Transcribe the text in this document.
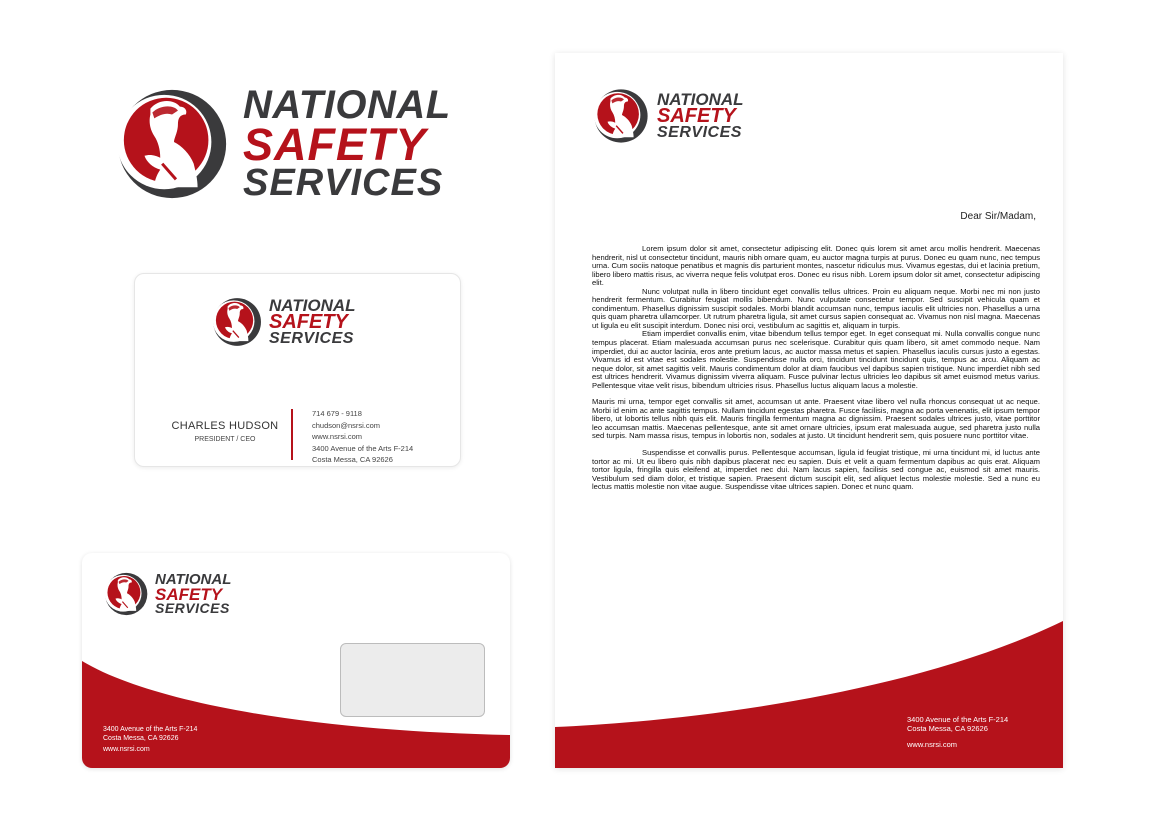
NATIONAL
SAFETY
SERVICES
NATIONAL
SAFETY
SERVICES
CHARLES HUDSON
PRESIDENT / CEO
714 679 - 9118
chudson@nsrsi.com
www.nsrsi.com
3400 Avenue of the Arts F-214
Costa Messa, CA 92626
NATIONAL
SAFETY
SERVICES
3400 Avenue of the Arts F-214
Costa Messa, CA 92626
www.nsrsi.com
NATIONAL
SAFETY
SERVICES
Dear Sir/Madam,

Lorem ipsum dolor sit amet, consectetur adipiscing elit. Donec quis lorem sit amet arcu mollis hendrerit. Maecenas hendrerit, nisl ut consectetur tincidunt, mauris nibh ornare quam, eu auctor magna turpis at purus. Donec eu quam nunc, nec tempus urna. Cum sociis natoque penatibus et magnis dis parturient montes, nascetur ridiculus mus. Vivamus egestas, dui et lacinia pretium, libero libero mattis risus, ac viverra neque felis volutpat eros. Donec eu risus nibh. Lorem ipsum dolor sit amet, consectetur adipiscing elit.

Nunc volutpat nulla in libero tincidunt eget convallis tellus ultrices. Proin eu aliquam neque. Morbi nec mi non justo hendrerit fermentum. Curabitur feugiat mollis bibendum. Nunc vulputate consectetur tempor. Sed suscipit vehicula quam et condimentum. Phasellus dignissim suscipit sodales. Morbi blandit accumsan nunc, tempus iaculis elit ultricies non. Phasellus a urna quis quam pharetra ullamcorper. Ut rutrum pharetra ligula, sit amet cursus sapien consequat ac. Vivamus non nisl magna. Maecenas ut ligula eu elit suscipit interdum. Donec nisi orci, vestibulum ac sagittis et, aliquam in turpis.

Etiam imperdiet convallis enim, vitae bibendum tellus tempor eget. In eget consequat mi. Nulla convallis congue nunc tempus placerat. Etiam malesuada accumsan purus nec scelerisque. Curabitur quis quam libero, sit amet commodo neque. Nam imperdiet, dui ac auctor lacinia, eros ante pretium lacus, ac auctor massa metus et sapien. Phasellus iaculis cursus justo a egestas. Vivamus id est vitae est sodales molestie. Suspendisse nulla orci, tincidunt tincidunt tincidunt quis, tempus ac arcu. Aliquam ac neque dolor, sit amet sagittis velit. Mauris condimentum dolor at diam faucibus vel dapibus sapien tristique. Nunc imperdiet nibh sed est ultrices hendrerit. Vivamus dignissim viverra aliquam. Fusce pulvinar lectus ultricies leo dapibus sit amet euismod metus varius. Pellentesque vitae velit risus, bibendum ultricies risus. Phasellus luctus aliquam lacus a molestie.

Mauris mi urna, tempor eget convallis sit amet, accumsan ut ante. Praesent vitae libero vel nulla rhoncus consequat ut ac neque. Morbi id enim ac ante sagittis tempus. Nullam tincidunt egestas pharetra. Fusce facilisis, magna ac porta venenatis, elit ipsum tempor libero, ut lobortis tellus nibh quis elit. Mauris fringilla fermentum magna ac dignissim. Praesent sodales ultrices justo, vitae porttitor leo accumsan mattis. Maecenas pellentesque, ante sit amet ornare ultricies, ipsum erat malesuada augue, sed pharetra justo nulla sed turpis. Nam massa risus, tempus in lobortis non, sodales at justo. Ut tincidunt hendrerit sem, quis posuere nunc porttitor vitae.

Suspendisse et convallis purus. Pellentesque accumsan, ligula id feugiat tristique, mi urna tincidunt mi, id luctus ante tortor ac mi. Ut eu libero quis nibh dapibus placerat nec eu sapien. Duis et velit a quam fermentum dapibus ac quis erat. Aliquam tortor ligula, fringilla quis eleifend at, imperdiet nec dui. Nam lacus sapien, facilisis sed congue ac, euismod sit amet mauris. Vestibulum sed diam dolor, et tristique sapien. Praesent dictum suscipit elit, sed aliquet lectus molestie molestie. Sed a nunc eu lectus mattis molestie non vitae augue. Suspendisse vitae ultrices sapien. Donec et nunc quam.

3400 Avenue of the Arts F-214
Costa Messa, CA 92626
www.nsrsi.com
